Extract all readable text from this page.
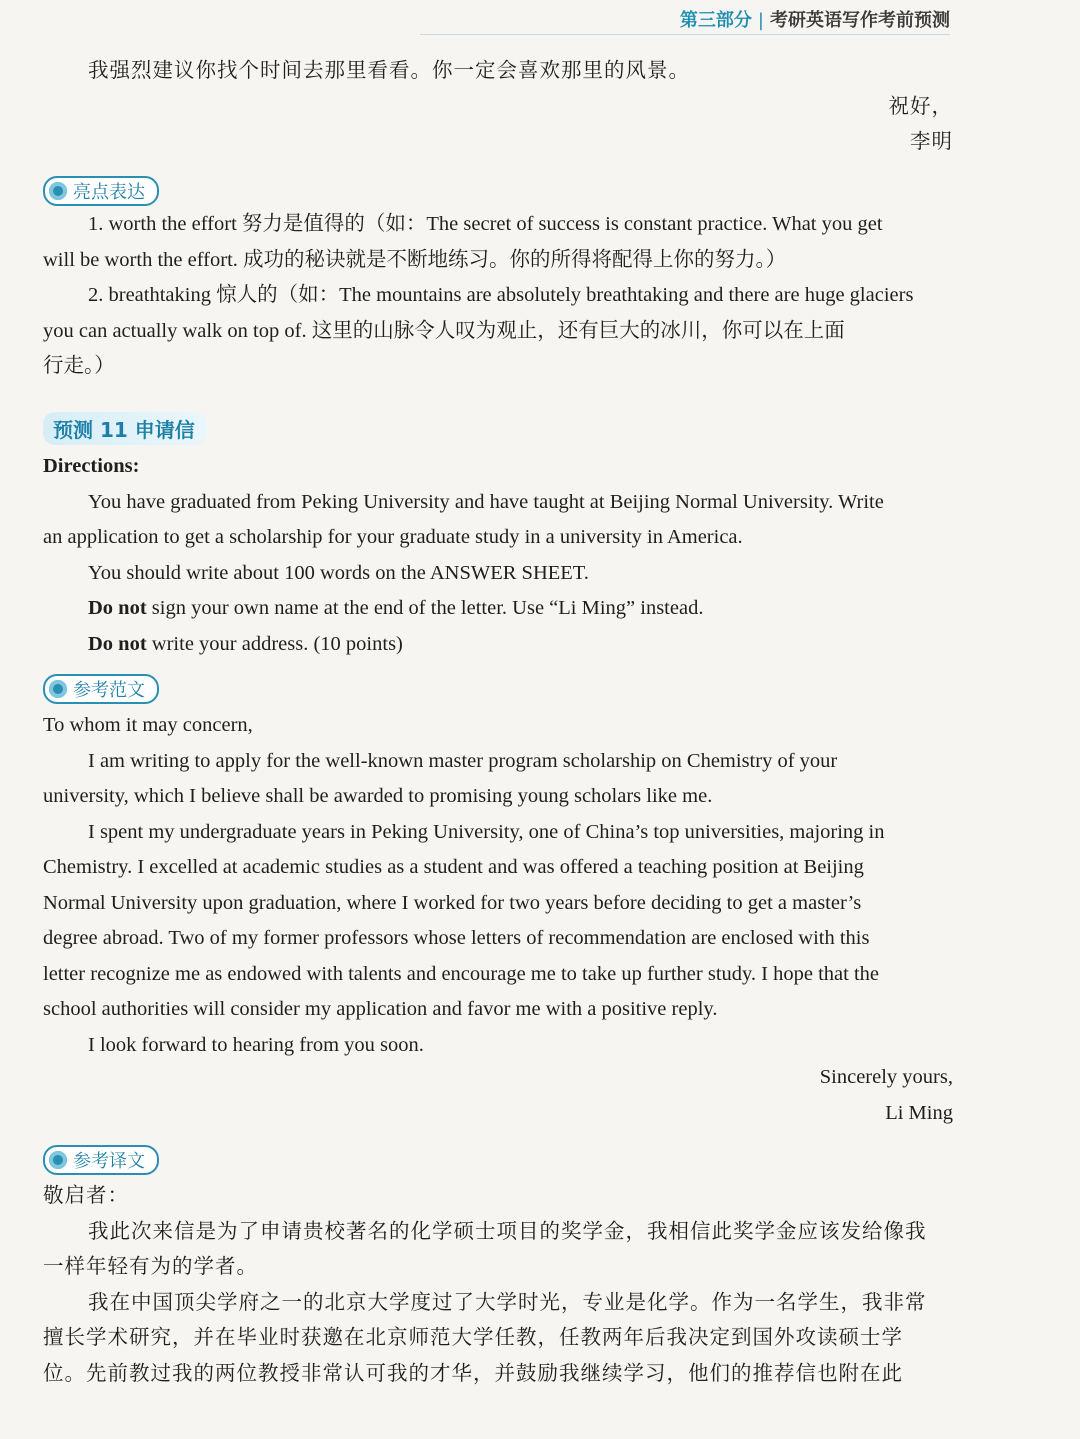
第三部分 | 考研英语写作考前预测

我强烈建议你找个时间去那里看看。你一定会喜欢那里的风景。

祝好，

李明

亮点表达

1. worth the effort 努力是值得的（如：The secret of success is constant practice. What you get

will be worth the effort. 成功的秘诀就是不断地练习。你的所得将配得上你的努力。）

2. breathtaking 惊人的（如：The mountains are absolutely breathtaking and there are huge glaciers

you can actually walk on top of. 这里的山脉令人叹为观止，还有巨大的冰川，你可以在上面

行走。）

预测 11 申请信

Directions:

You have graduated from Peking University and have taught at Beijing Normal University. Write

an application to get a scholarship for your graduate study in a university in America.

You should write about 100 words on the ANSWER SHEET.

Do not sign your own name at the end of the letter. Use “Li Ming” instead.

Do not write your address. (10 points)

参考范文

To whom it may concern,

I am writing to apply for the well-known master program scholarship on Chemistry of your

university, which I believe shall be awarded to promising young scholars like me.

I spent my undergraduate years in Peking University, one of China’s top universities, majoring in

Chemistry. I excelled at academic studies as a student and was offered a teaching position at Beijing

Normal University upon graduation, where I worked for two years before deciding to get a master’s

degree abroad. Two of my former professors whose letters of recommendation are enclosed with this

letter recognize me as endowed with talents and encourage me to take up further study. I hope that the

school authorities will consider my application and favor me with a positive reply.

I look forward to hearing from you soon.

Sincerely yours,

Li Ming

参考译文

敬启者：

我此次来信是为了申请贵校著名的化学硕士项目的奖学金，我相信此奖学金应该发给像我

一样年轻有为的学者。

我在中国顶尖学府之一的北京大学度过了大学时光，专业是化学。作为一名学生，我非常

擅长学术研究，并在毕业时获邀在北京师范大学任教，任教两年后我决定到国外攻读硕士学

位。先前教过我的两位教授非常认可我的才华，并鼓励我继续学习，他们的推荐信也附在此
